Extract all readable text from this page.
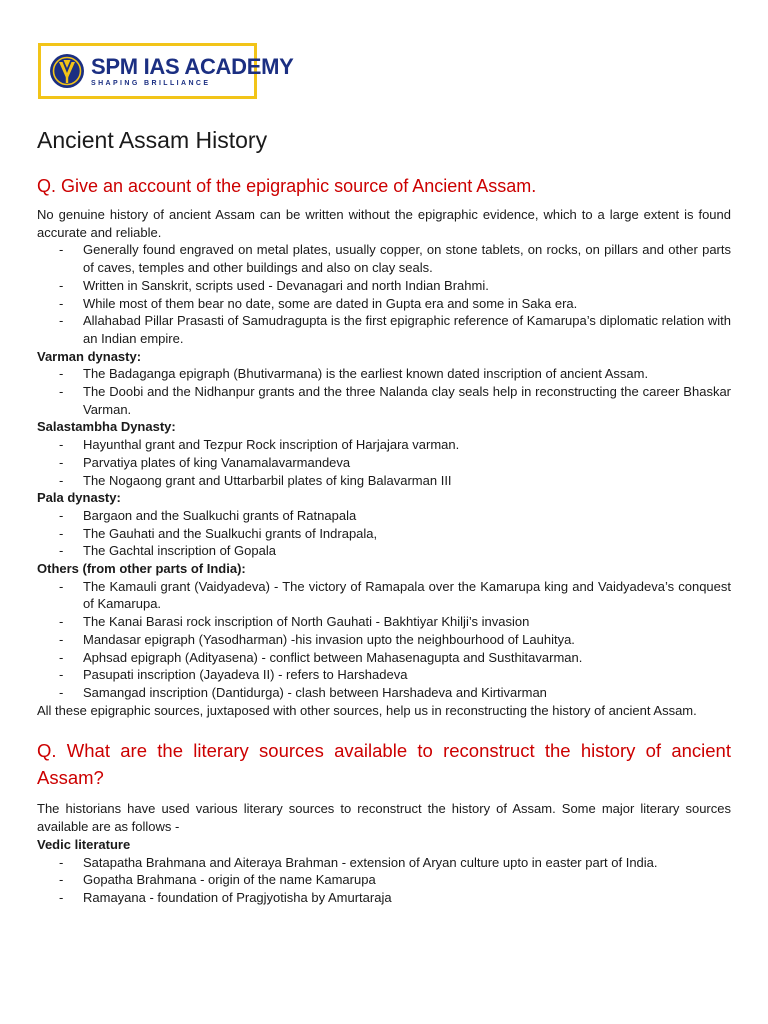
SPM IAS ACADEMY
SHAPING BRILLIANCE
Ancient Assam History
Q. Give an account of the epigraphic source of Ancient Assam.

No genuine history of ancient Assam can be written without the epigraphic evidence, which to a large extent is found accurate and reliable.

- Generally found engraved on metal plates, usually copper, on stone tablets, on rocks, on pillars and other parts of caves, temples and other buildings and also on clay seals.
- Written in Sanskrit, scripts used - Devanagari and north Indian Brahmi.
- While most of them bear no date, some are dated in Gupta era and some in Saka era.
- Allahabad Pillar Prasasti of Samudragupta is the first epigraphic reference of Kamarupa’s diplomatic relation with an Indian empire.
Varman dynasty:
- The Badaganga epigraph (Bhutivarmana) is the earliest known dated inscription of ancient Assam.
- The Doobi and the Nidhanpur grants and the three Nalanda clay seals help in reconstructing the career Bhaskar Varman.
Salastambha Dynasty:
- Hayunthal grant and Tezpur Rock inscription of Harjajara varman.
- Parvatiya plates of king Vanamalavarmandeva
- The Nogaong grant and Uttarbarbil plates of king Balavarman III
Pala dynasty:
- Bargaon and the Sualkuchi grants of Ratnapala
- The Gauhati and the Sualkuchi grants of Indrapala,
- The Gachtal inscription of Gopala
Others (from other parts of India):
- The Kamauli grant (Vaidyadeva) - The victory of Ramapala over the Kamarupa king and Vaidyadeva’s conquest of Kamarupa.
- The Kanai Barasi rock inscription of North Gauhati - Bakhtiyar Khilji’s invasion
- Mandasar epigraph (Yasodharman) -his invasion upto the neighbourhood of Lauhitya.
- Aphsad epigraph (Adityasena) - conflict between Mahasenagupta and Susthitavarman.
- Pasupati inscription (Jayadeva II) - refers to Harshadeva
- Samangad inscription (Dantidurga) - clash between Harshadeva and Kirtivarman

All these epigraphic sources, juxtaposed with other sources, help us in reconstructing the history of ancient Assam.

Q. What are the literary sources available to reconstruct the history of ancient Assam?

The historians have used various literary sources to reconstruct the history of Assam. Some major literary sources available are as follows -

Vedic literature
- Satapatha Brahmana and Aiteraya Brahman - extension of Aryan culture upto in easter part of India.
- Gopatha Brahmana - origin of the name Kamarupa
- Ramayana - foundation of Pragjyotisha by Amurtaraja
